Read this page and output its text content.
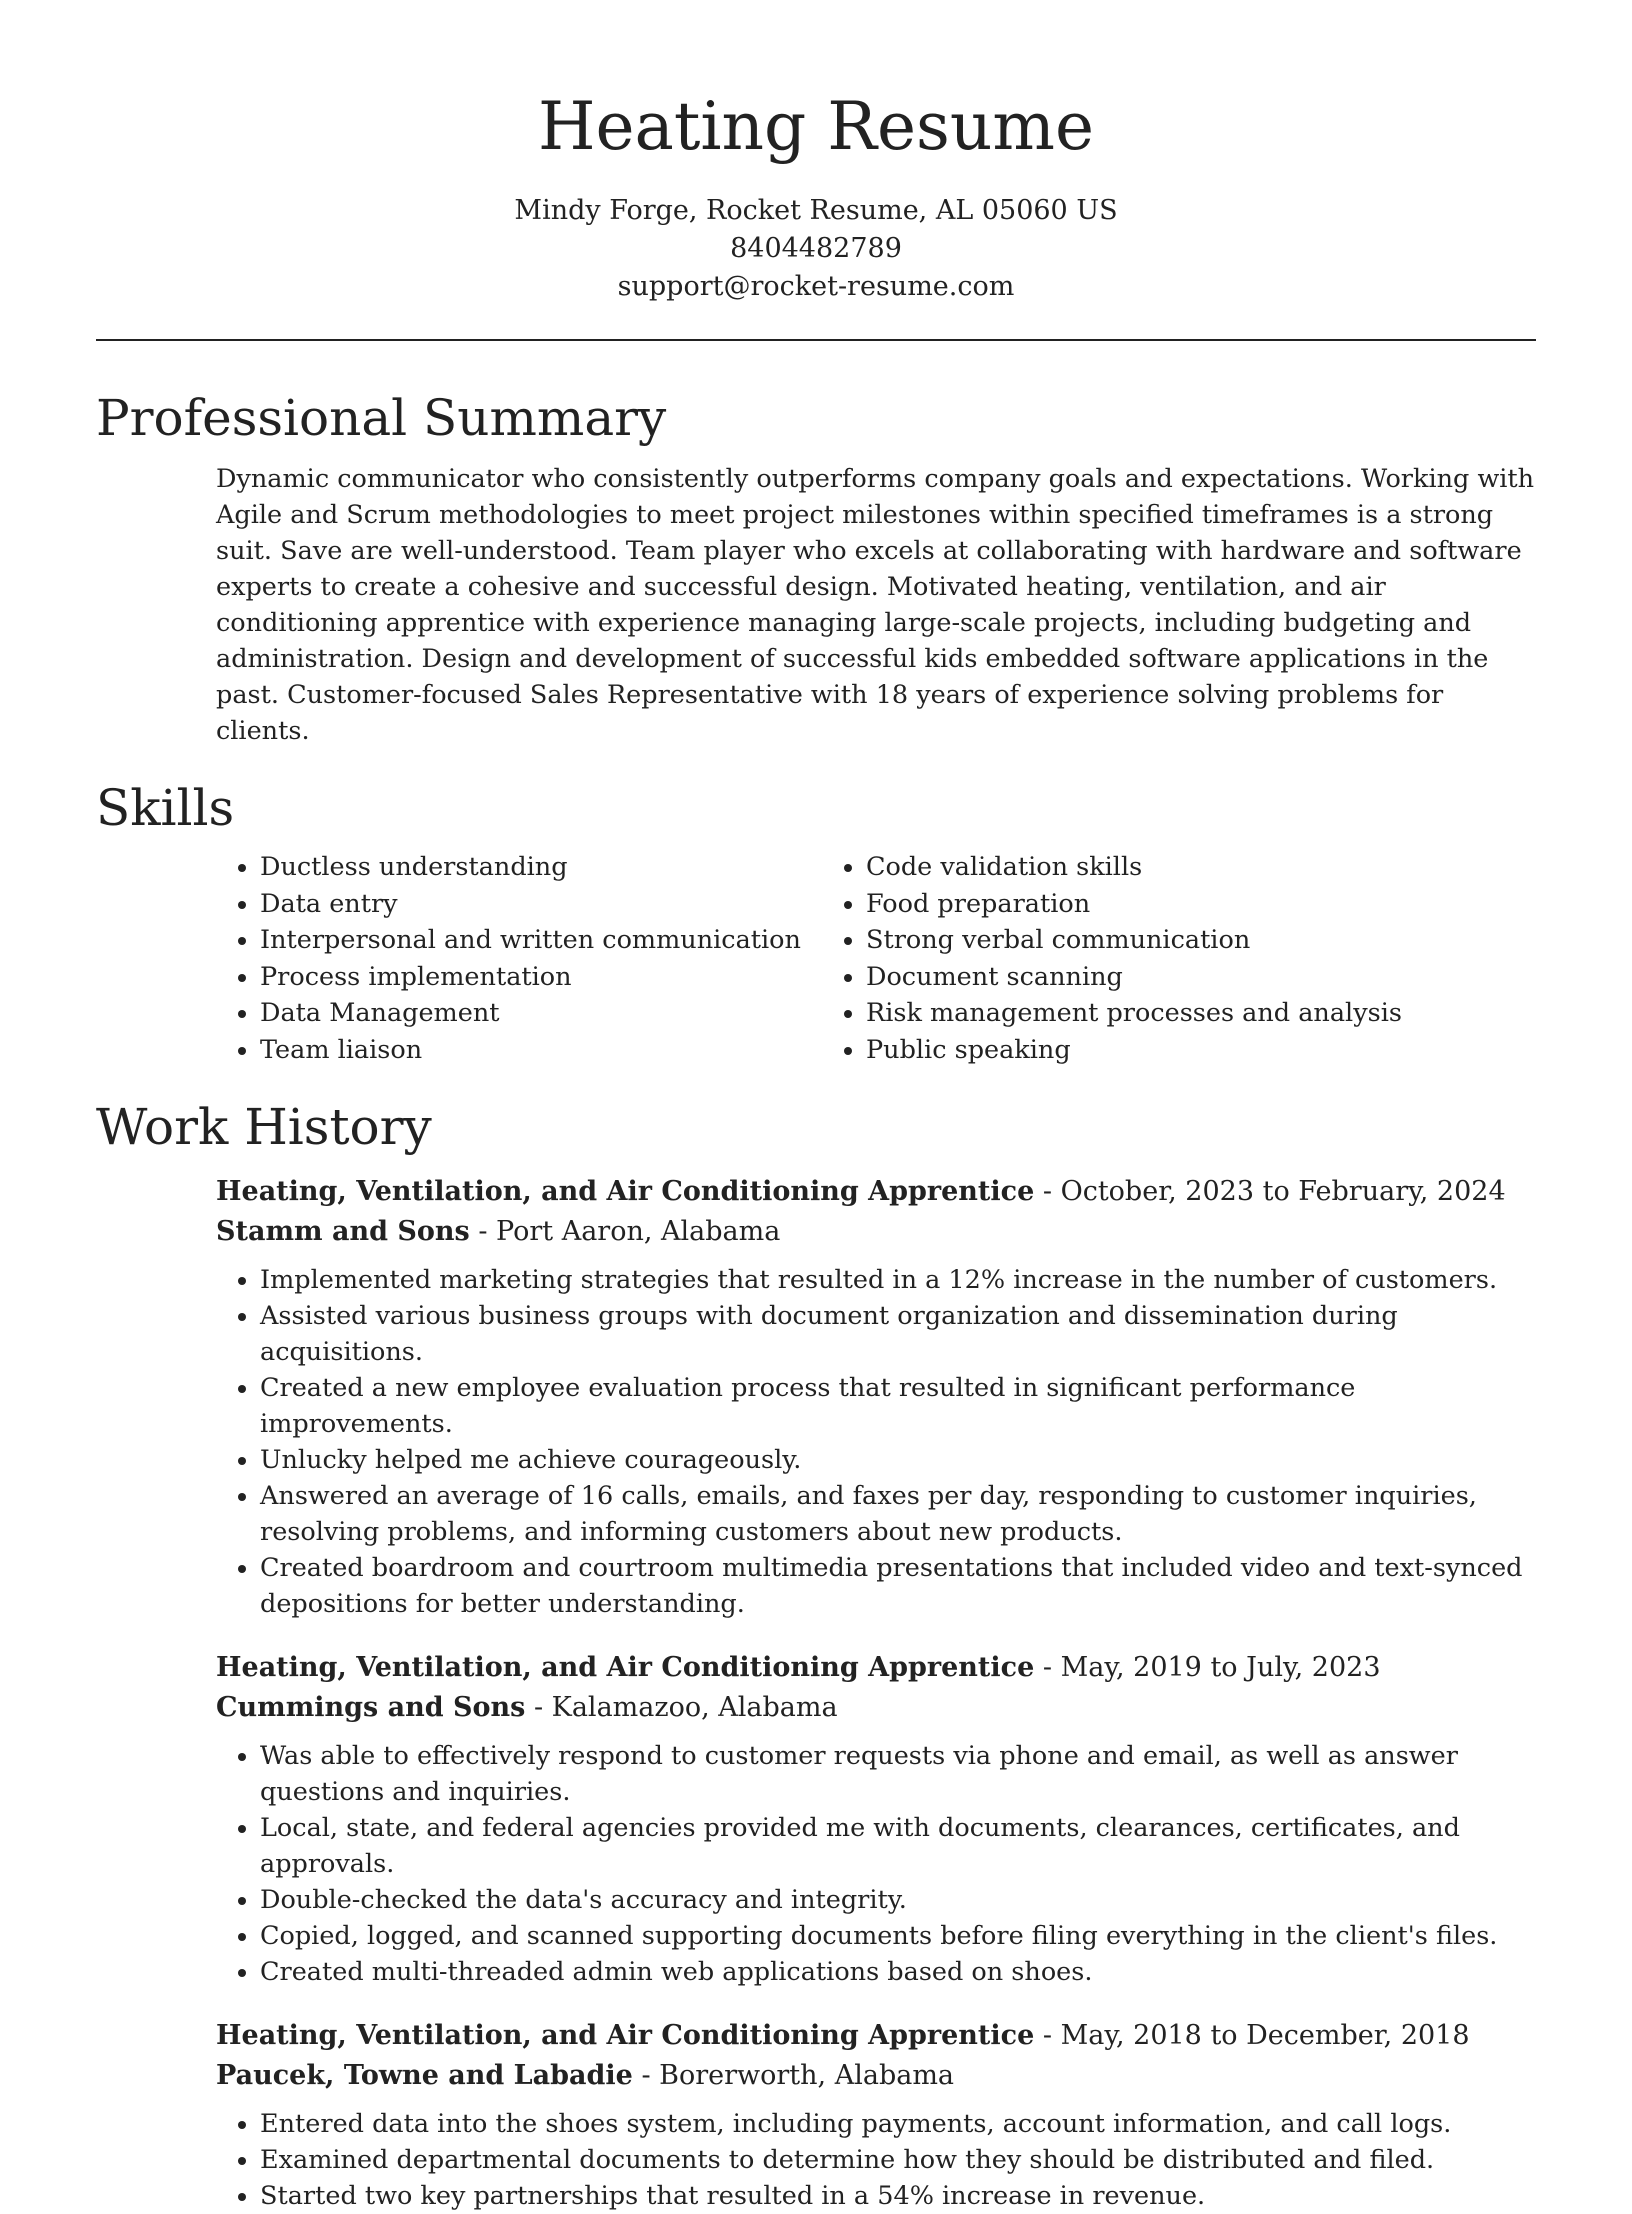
Heating Resume

Mindy Forge, Rocket Resume, AL 05060 US

8404482789

support@rocket-resume.com

Professional Summary

Dynamic communicator who consistently outperforms company goals and expectations. Working with Agile and Scrum methodologies to meet project milestones within specified timeframes is a strong suit. Save are well-understood. Team player who excels at collaborating with hardware and software experts to create a cohesive and successful design. Motivated heating, ventilation, and air conditioning apprentice with experience managing large-scale projects, including budgeting and administration. Design and development of successful kids embedded software applications in the past. Customer-focused Sales Representative with 18 years of experience solving problems for clients.

Skills
• Ductless understanding
• Data entry
• Interpersonal and written communication
• Process implementation
• Data Management
• Team liaison
• Code validation skills
• Food preparation
• Strong verbal communication
• Document scanning
• Risk management processes and analysis
• Public speaking
Work History

Heating, Ventilation, and Air Conditioning Apprentice - October, 2023 to February, 2024

Stamm and Sons - Port Aaron, Alabama

• Implemented marketing strategies that resulted in a 12% increase in the number of customers.
• Assisted various business groups with document organization and dissemination during acquisitions.
• Created a new employee evaluation process that resulted in significant performance improvements.
• Unlucky helped me achieve courageously.
• Answered an average of 16 calls, emails, and faxes per day, responding to customer inquiries, resolving problems, and informing customers about new products.
• Created boardroom and courtroom multimedia presentations that included video and text-synced depositions for better understanding.

Heating, Ventilation, and Air Conditioning Apprentice - May, 2019 to July, 2023

Cummings and Sons - Kalamazoo, Alabama

• Was able to effectively respond to customer requests via phone and email, as well as answer questions and inquiries.
• Local, state, and federal agencies provided me with documents, clearances, certificates, and approvals.
• Double-checked the data's accuracy and integrity.
• Copied, logged, and scanned supporting documents before filing everything in the client's files.
• Created multi-threaded admin web applications based on shoes.

Heating, Ventilation, and Air Conditioning Apprentice - May, 2018 to December, 2018

Paucek, Towne and Labadie - Borerworth, Alabama

• Entered data into the shoes system, including payments, account information, and call logs.
• Examined departmental documents to determine how they should be distributed and filed.
• Started two key partnerships that resulted in a 54% increase in revenue.
